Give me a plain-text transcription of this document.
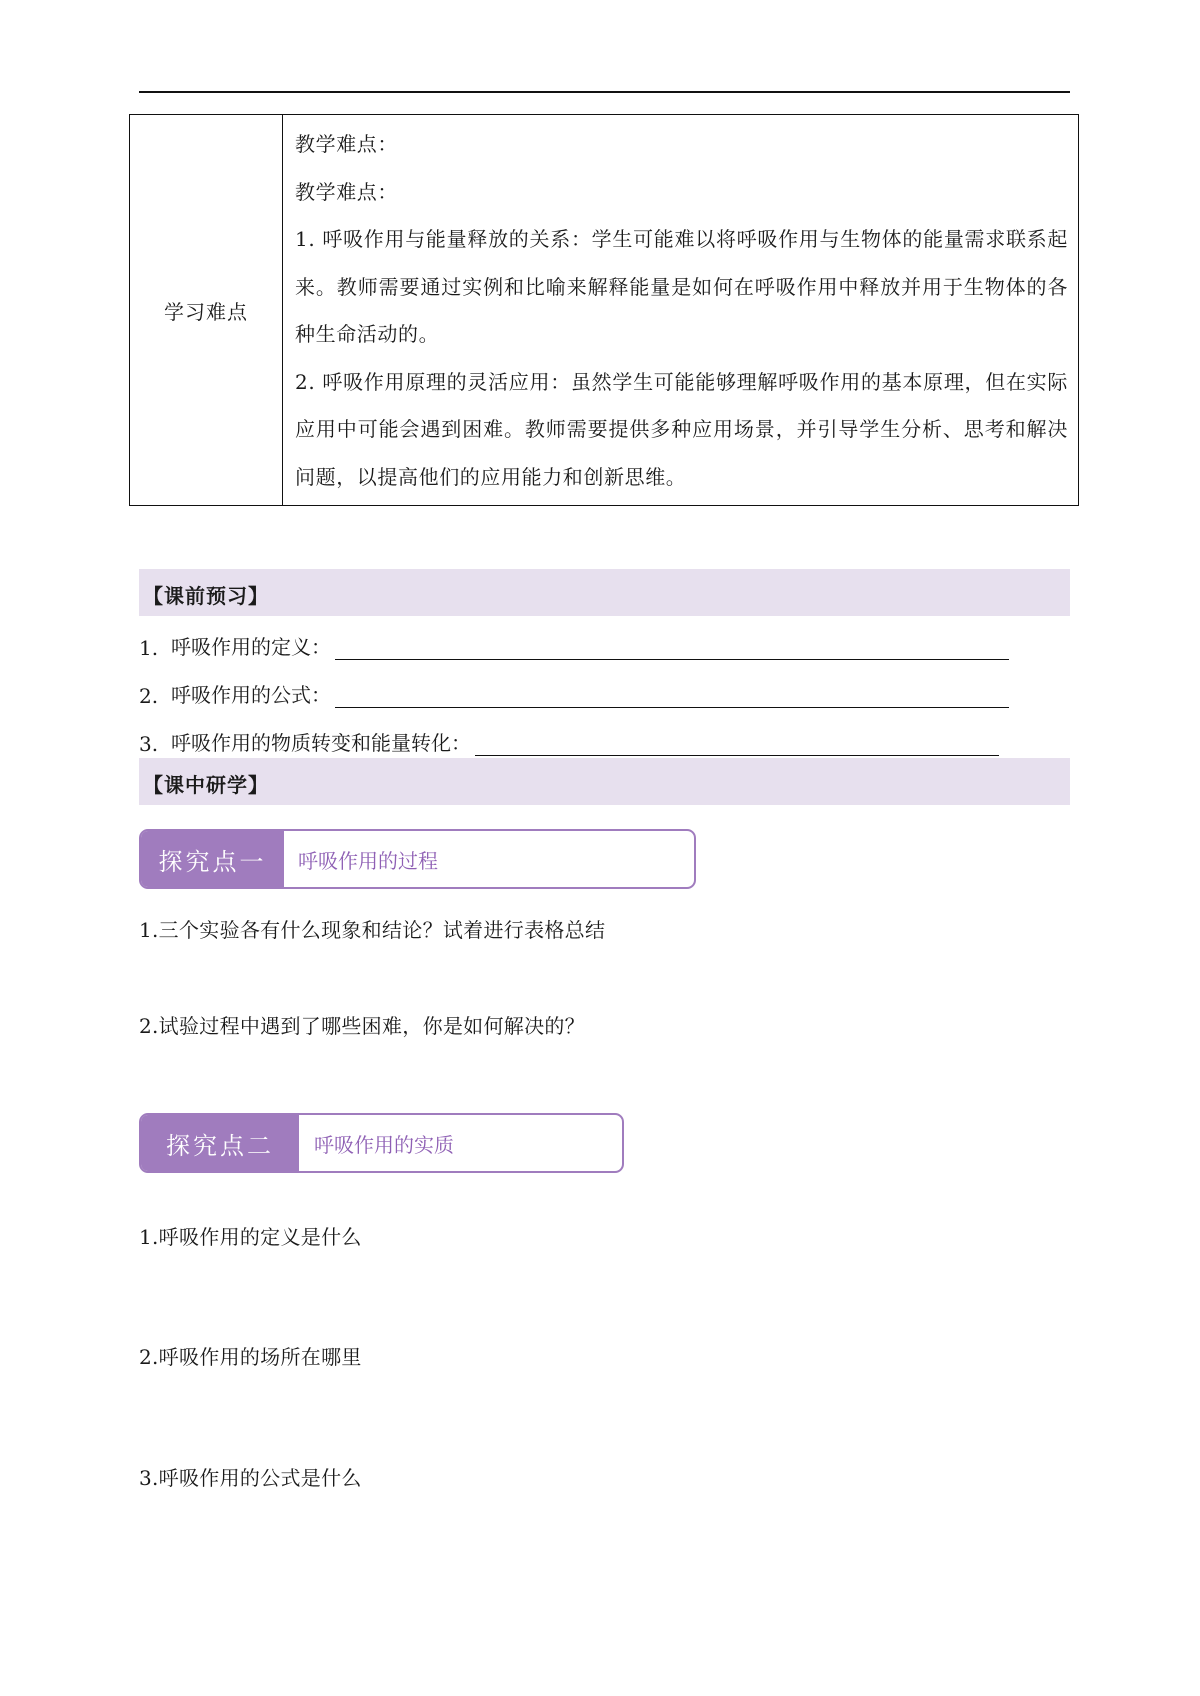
学习难点	

教学难点：

教学难点：

1. 呼吸作用与能量释放的关系：学生可能难以将呼吸作用与生物体的能量需求联系起来。教师需要通过实例和比喻来解释能量是如何在呼吸作用中释放并用于生物体的各种生命活动的。

2. 呼吸作用原理的灵活应用：虽然学生可能能够理解呼吸作用的基本原理，但在实际应用中可能会遇到困难。教师需要提供多种应用场景，并引导学生分析、思考和解决问题，以提高他们的应用能力和创新思维。

【课前预习】
1. 呼吸作用的定义：
2. 呼吸作用的公式：
3. 呼吸作用的物质转变和能量转化：
【课中研学】
探究点一	呼吸作用的过程
1.三个实验各有什么现象和结论？试着进行表格总结
2.试验过程中遇到了哪些困难，你是如何解决的？
探究点二	呼吸作用的实质
1.呼吸作用的定义是什么
2.呼吸作用的场所在哪里
3.呼吸作用的公式是什么
